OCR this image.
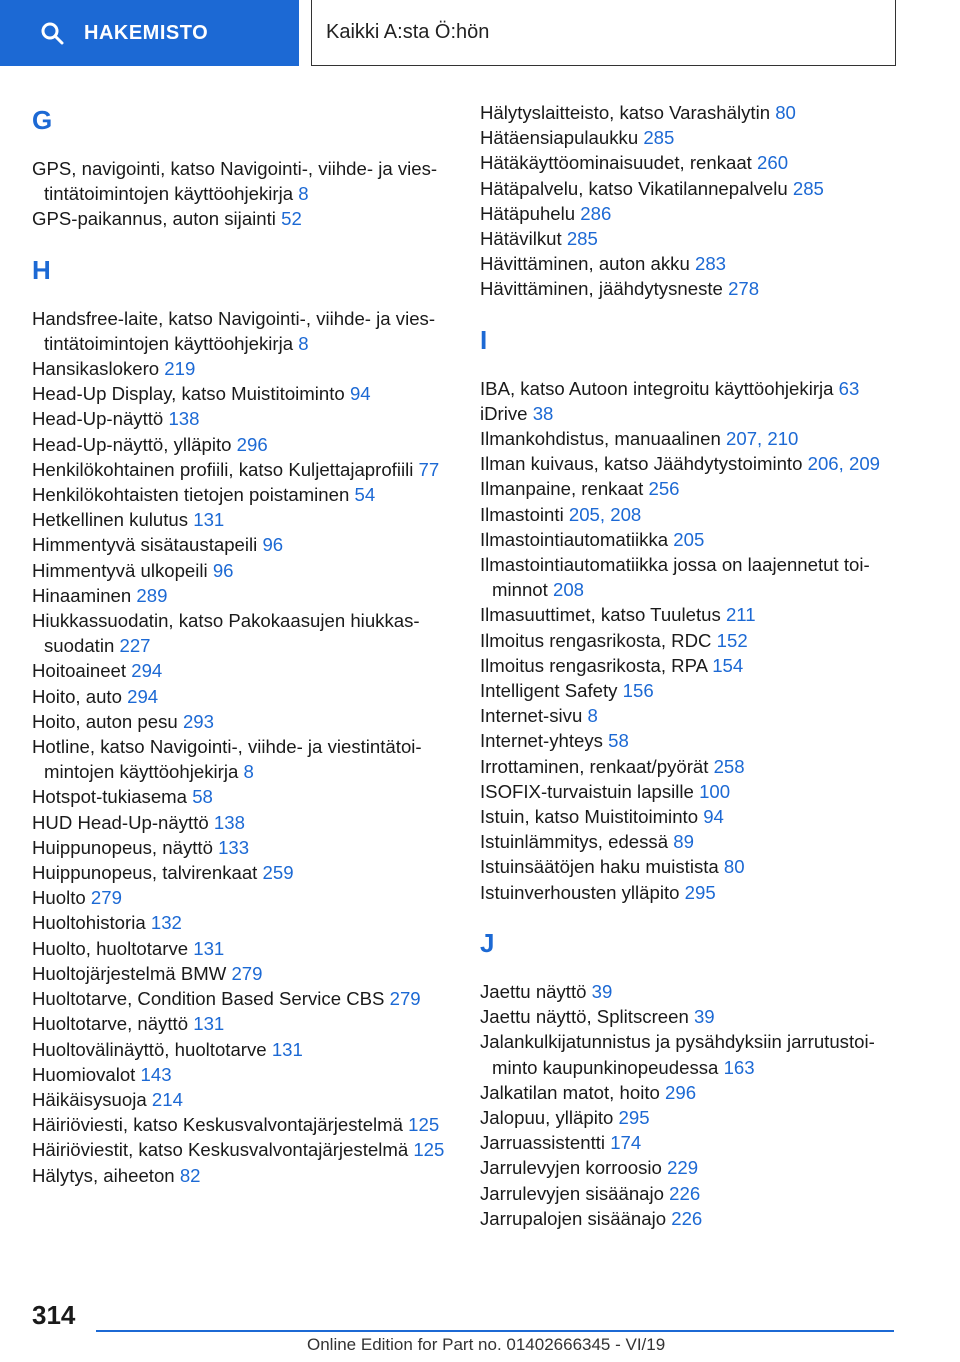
HAKEMISTO	Kaikki A:sta Ö:hön
G
GPS, navigointi, katso Navigointi-, viihde- ja viestintätoimintojen käyttöohjekirja 8
GPS-paikannus, auton sijainti 52
H
Handsfree-laite, katso Navigointi-, viihde- ja viestintätoimintojen käyttöohjekirja 8
Hansikaslokero 219
Head-Up Display, katso Muistitoiminto 94
Head-Up-näyttö 138
Head-Up-näyttö, ylläpito 296
Henkilökohtainen profiili, katso Kuljettajaprofiili 77
Henkilökohtaisten tietojen poistaminen 54
Hetkellinen kulutus 131
Himmentyvä sisätaustapeili 96
Himmentyvä ulkopeili 96
Hinaaminen 289
Hiukkassuodatin, katso Pakokaasujen hiukkassuodatin 227
Hoitoaineet 294
Hoito, auto 294
Hoito, auton pesu 293
Hotline, katso Navigointi-, viihde- ja viestintätoimintojen käyttöohjekirja 8
Hotspot-tukiasema 58
HUD Head-Up-näyttö 138
Huippunopeus, näyttö 133
Huippunopeus, talvirenkaat 259
Huolto 279
Huoltohistoria 132
Huolto, huoltotarve 131
Huoltojärjestelmä BMW 279
Huoltotarve, Condition Based Service CBS 279
Huoltotarve, näyttö 131
Huoltovälinäyttö, huoltotarve 131
Huomiovalot 143
Häikäisysuoja 214
Häiriöviesti, katso Keskusvalvontajärjestelmä 125
Häiriöviestit, katso Keskusvalvontajärjestelmä 125
Hälytys, aiheeton 82
Hälytyslaitteisto, katso Varashälytin 80
Hätäensiapulaukku 285
Hätäkäyttöominaisuudet, renkaat 260
Hätäpalvelu, katso Vikatilannepalvelu 285
Hätäpuhelu 286
Hätävilkut 285
Hävittäminen, auton akku 283
Hävittäminen, jäähdytysneste 278
I
IBA, katso Autoon integroitu käyttöohjekirja 63
iDrive 38
Ilmankohdistus, manuaalinen 207, 210
Ilman kuivaus, katso Jäähdytystoiminto 206, 209
Ilmanpaine, renkaat 256
Ilmastointi 205, 208
Ilmastointiautomatiikka 205
Ilmastointiautomatiikka jossa on laajennetut toiminnot 208
Ilmasuuttimet, katso Tuuletus 211
Ilmoitus rengasrikosta, RDC 152
Ilmoitus rengasrikosta, RPA 154
Intelligent Safety 156
Internet-sivu 8
Internet-yhteys 58
Irrottaminen, renkaat/pyörät 258
ISOFIX-turvaistuin lapsille 100
Istuin, katso Muistitoiminto 94
Istuinlämmitys, edessä 89
Istuinsäätöjen haku muistista 80
Istuinverhousten ylläpito 295
J
Jaettu näyttö 39
Jaettu näyttö, Splitscreen 39
Jalankulkijatunnistus ja pysähdyksiin jarrutustoiminto kaupunkinopeudessa 163
Jalkatilan matot, hoito 296
Jalopuu, ylläpito 295
Jarruassistentti 174
Jarrulevyjen korroosio 229
Jarrulevyjen sisäänajo 226
Jarrupalojen sisäänajo 226
314
Online Edition for Part no. 01402666345 - VI/19
